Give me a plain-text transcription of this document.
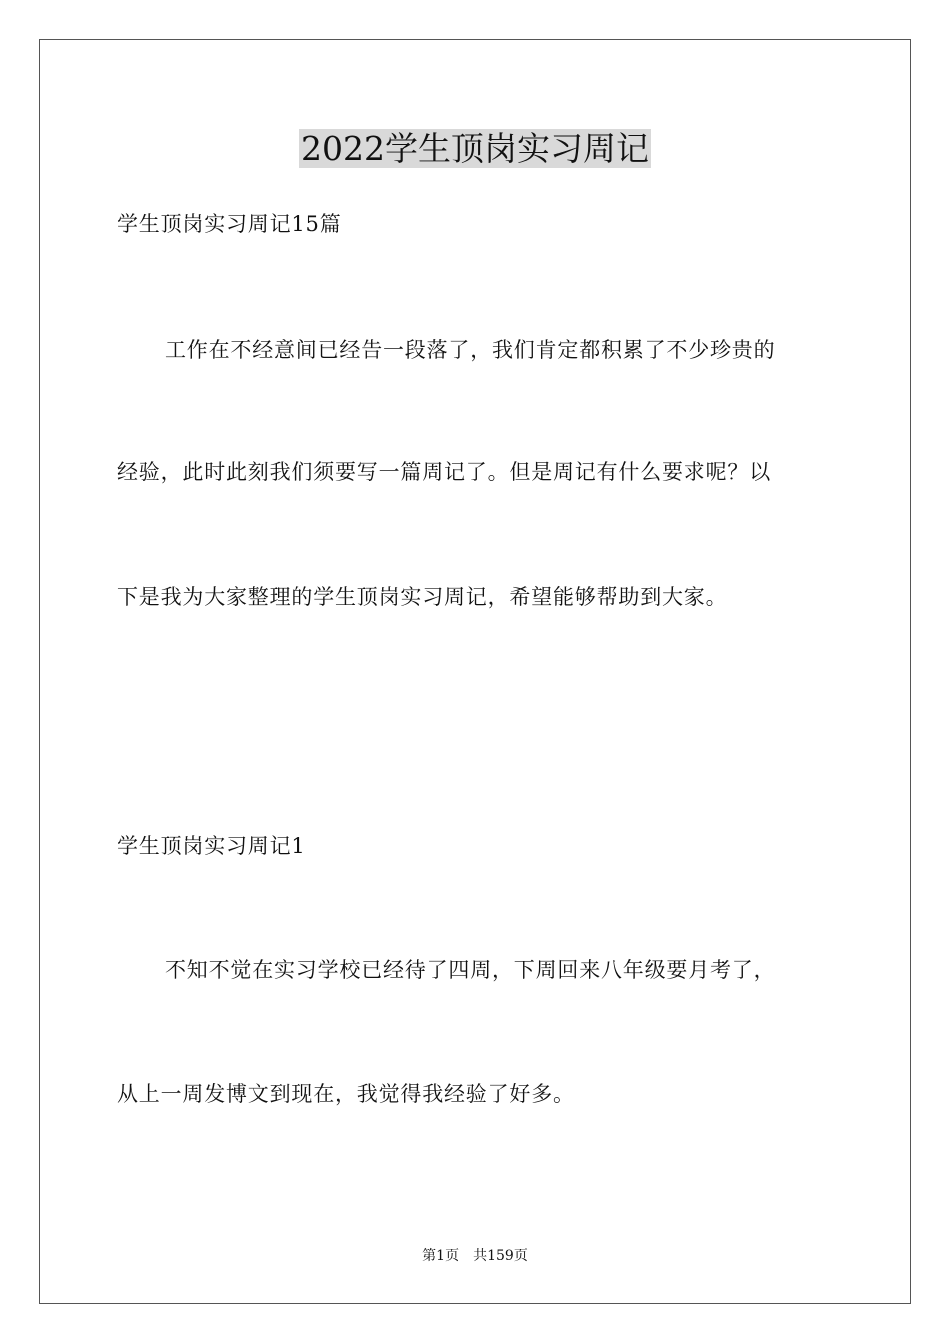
2022学生顶岗实习周记

学生顶岗实习周记15篇

工作在不经意间已经告一段落了，我们肯定都积累了不少珍贵的

经验，此时此刻我们须要写一篇周记了。但是周记有什么要求呢？以

下是我为大家整理的学生顶岗实习周记，希望能够帮助到大家。

学生顶岗实习周记1

不知不觉在实习学校已经待了四周，下周回来八年级要月考了，

从上一周发博文到现在，我觉得我经验了好多。

第1页 共159页
